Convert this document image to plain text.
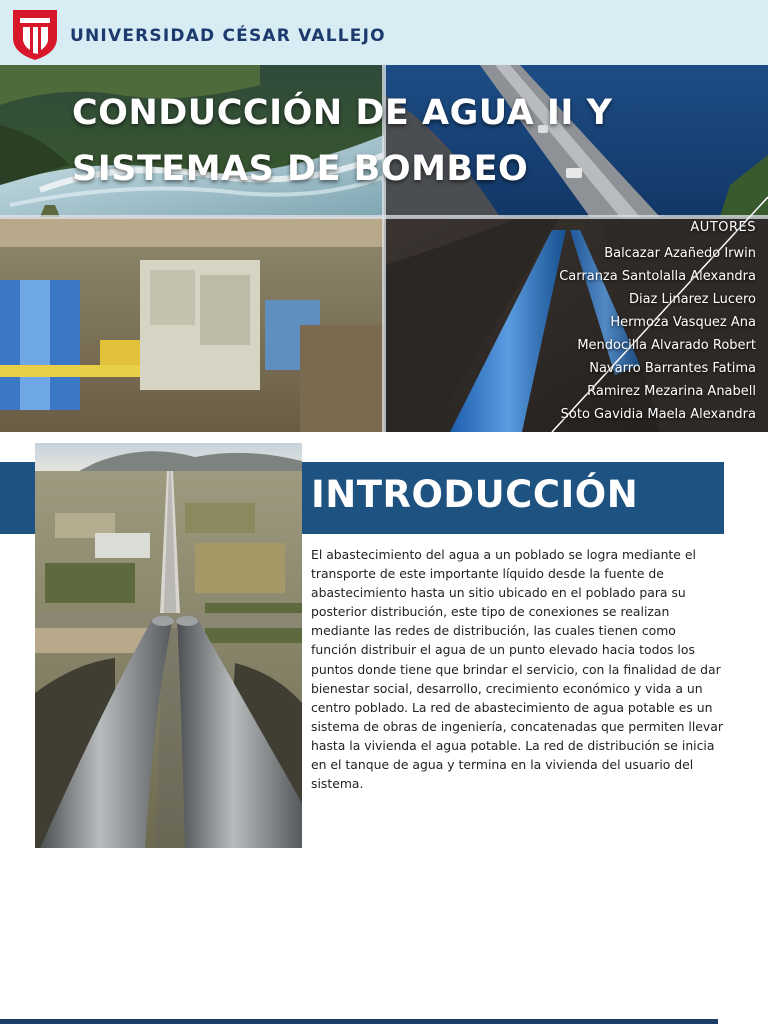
UNIVERSIDAD CÉSAR VALLEJO
CONDUCCIÓN DE AGUA II Y
SISTEMAS DE BOMBEO
AUTORES
Balcazar Azañedo Irwin
Carranza Santolalla Alexandra
Diaz Linarez Lucero
Hermoza Vasquez Ana
Mendocilla Alvarado Robert
Navarro Barrantes Fatima
Ramirez Mezarina Anabell
Soto Gavidia Maela Alexandra
INTRODUCCIÓN

El abastecimiento del agua a un poblado se logra mediante el transporte de este importante líquido desde la fuente de abastecimiento hasta un sitio ubicado en el poblado para su posterior distribución, este tipo de conexiones se realizan mediante las redes de distribución, las cuales tienen como función distribuir el agua de un punto elevado hacia todos los puntos donde tiene que brindar el servicio, con la finalidad de dar bienestar social, desarrollo, crecimiento económico y vida a un centro poblado. La red de abastecimiento de agua potable es un sistema de obras de ingeniería, concatenadas que permiten llevar hasta la vivienda el agua potable. La red de distribución se inicia en el tanque de agua y termina en la vivienda del usuario del sistema.
